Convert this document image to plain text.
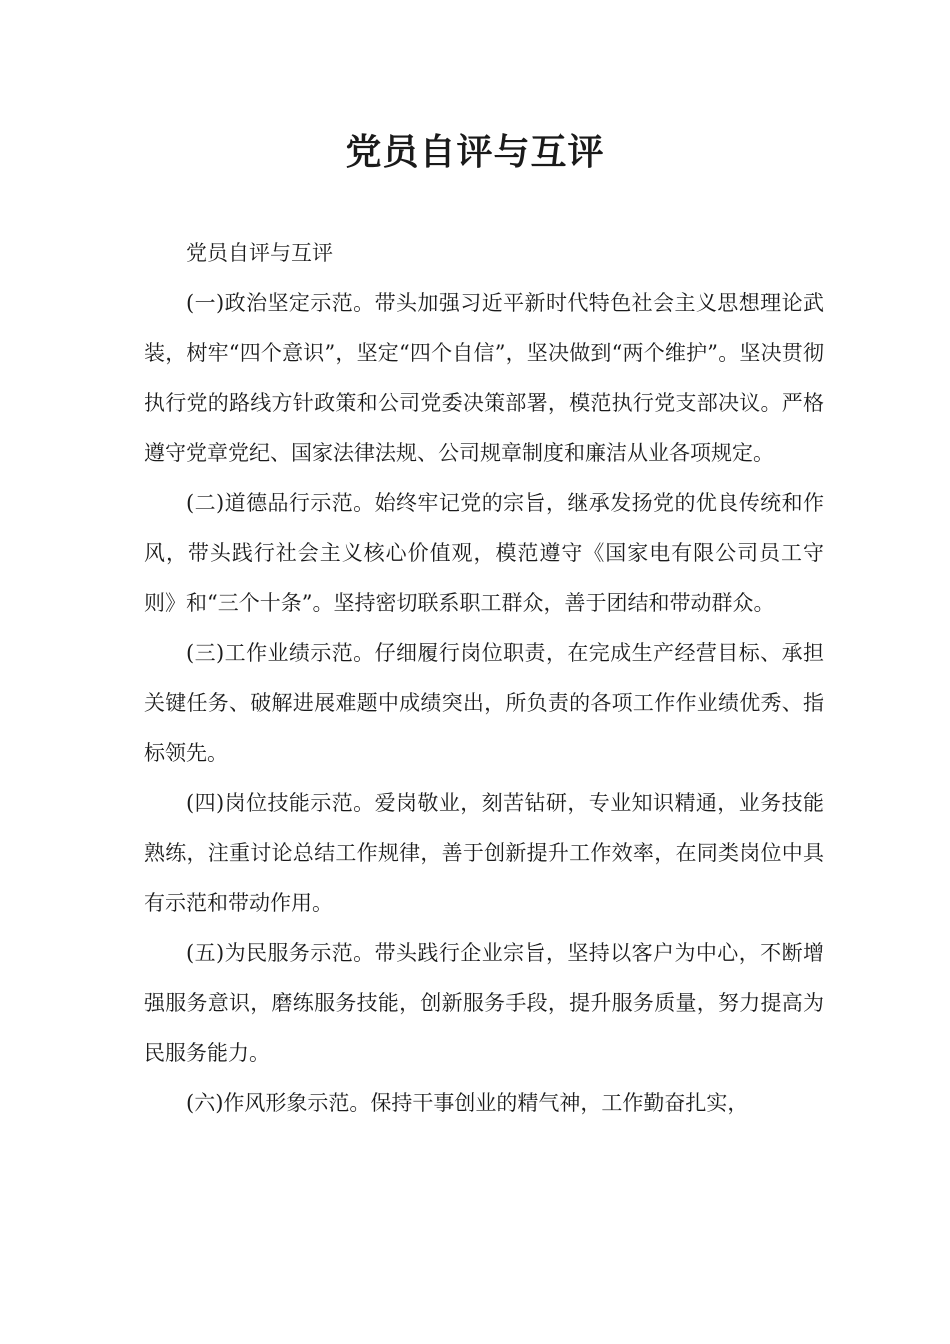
党员自评与互评

党员自评与互评

(一)政治坚定示范。带头加强习近平新时代特色社会主义思想理论武装，树牢“四个意识”，坚定“四个自信”，坚决做到“两个维护”。坚决贯彻执行党的路线方针政策和公司党委决策部署，模范执行党支部决议。严格遵守党章党纪、国家法律法规、公司规章制度和廉洁从业各项规定。

(二)道德品行示范。始终牢记党的宗旨，继承发扬党的优良传统和作风，带头践行社会主义核心价值观，模范遵守《国家电有限公司员工守则》和“三个十条”。坚持密切联系职工群众，善于团结和带动群众。

(三)工作业绩示范。仔细履行岗位职责，在完成生产经营目标、承担关键任务、破解进展难题中成绩突出，所负责的各项工作作业绩优秀、指标领先。

(四)岗位技能示范。爱岗敬业，刻苦钻研，专业知识精通，业务技能熟练，注重讨论总结工作规律，善于创新提升工作效率，在同类岗位中具有示范和带动作用。

(五)为民服务示范。带头践行企业宗旨，坚持以客户为中心，不断增强服务意识，磨练服务技能，创新服务手段，提升服务质量，努力提高为民服务能力。

(六)作风形象示范。保持干事创业的精气神，工作勤奋扎实，
